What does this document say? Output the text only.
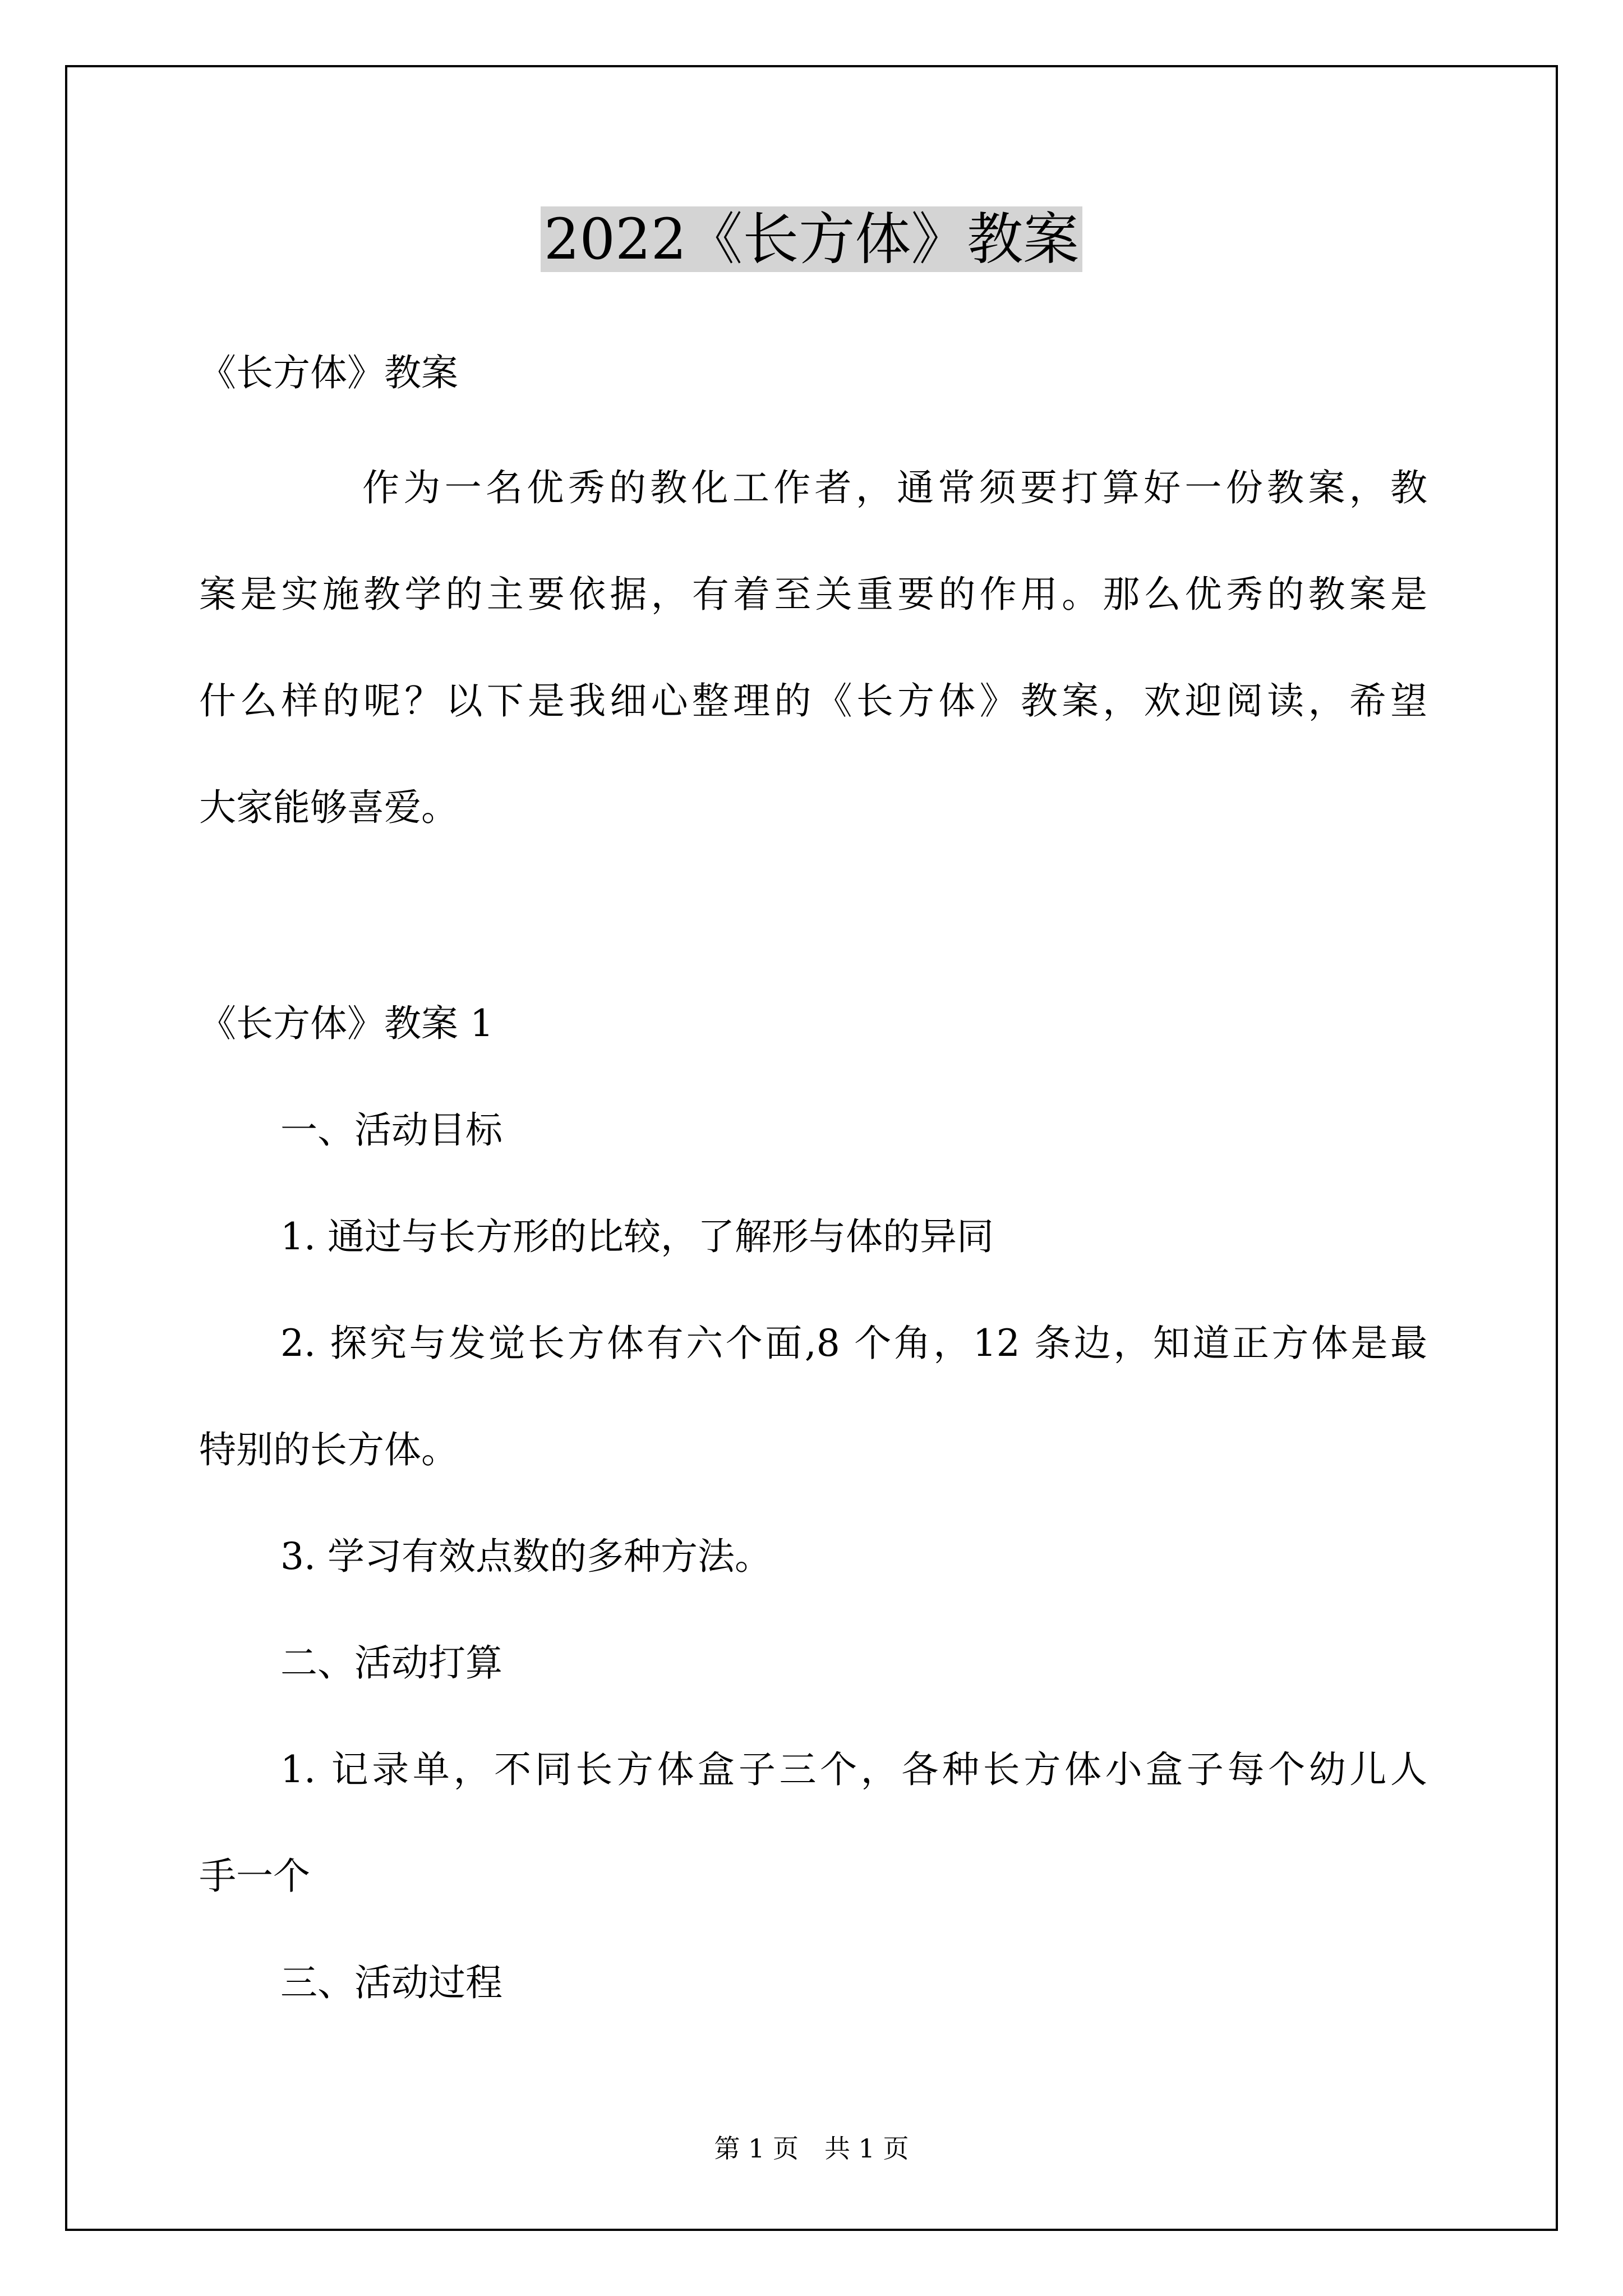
2022《长方体》教案
《长方体》教案
作为一名优秀的教化工作者，通常须要打算好一份教案，教
案是实施教学的主要依据，有着至关重要的作用。那么优秀的教案是
什么样的呢？以下是我细心整理的《长方体》教案，欢迎阅读，希望
大家能够喜爱。
《长方体》教案 1
一、活动目标
1. 通过与长方形的比较，了解形与体的异同
2. 探究与发觉长方体有六个面,8 个角，12 条边，知道正方体是最
特别的长方体。
3. 学习有效点数的多种方法。
二、活动打算
1. 记录单，不同长方体盒子三个，各种长方体小盒子每个幼儿人
手一个
三、活动过程
第 1 页　共 1 页
